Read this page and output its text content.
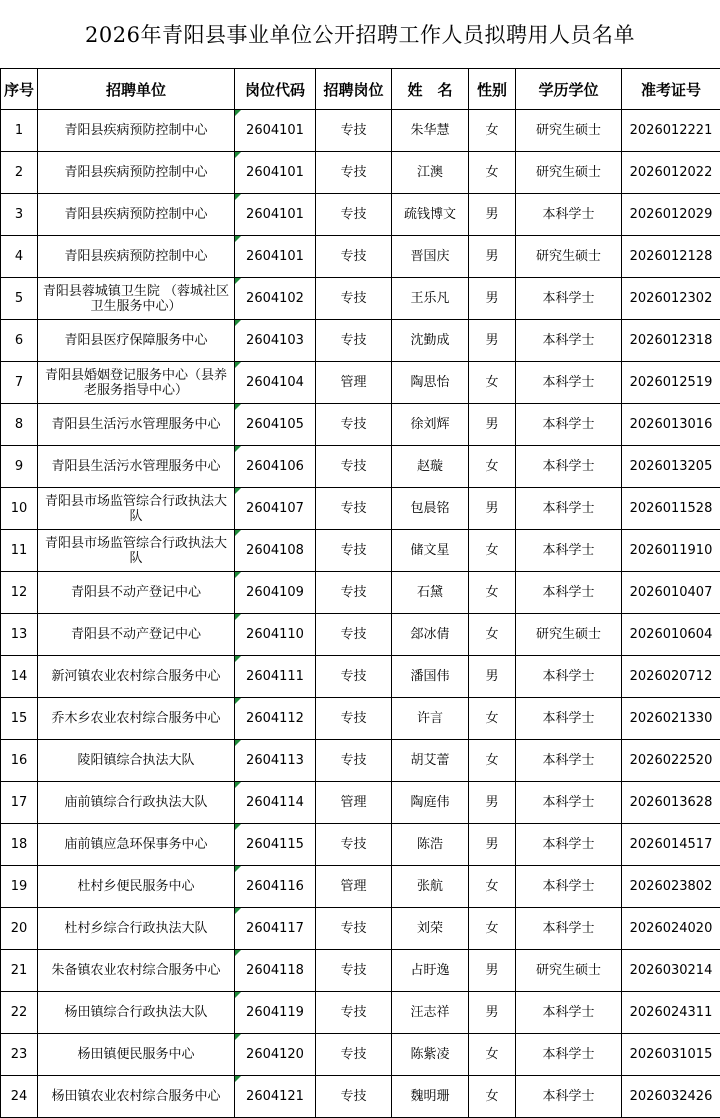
2026年青阳县事业单位公开招聘工作人员拟聘用人员名单
序号	招聘单位	岗位代码	招聘岗位	姓　名	性别	学历学位	准考证号
1	青阳县疾病预防控制中心	2604101	专技	朱华慧	女	研究生硕士	2026012221
2	青阳县疾病预防控制中心	2604101	专技	江澳	女	研究生硕士	2026012022
3	青阳县疾病预防控制中心	2604101	专技	疏钱博文	男	本科学士	2026012029
4	青阳县疾病预防控制中心	2604101	专技	晋国庆	男	研究生硕士	2026012128
5	青阳县蓉城镇卫生院 （蓉城社区卫生服务中心）	2604102	专技	王乐凡	男	本科学士	2026012302
6	青阳县医疗保障服务中心	2604103	专技	沈勤成	男	本科学士	2026012318
7	青阳县婚姻登记服务中心（县养老服务指导中心）	2604104	管理	陶思怡	女	本科学士	2026012519
8	青阳县生活污水管理服务中心	2604105	专技	徐刘辉	男	本科学士	2026013016
9	青阳县生活污水管理服务中心	2604106	专技	赵璇	女	本科学士	2026013205
10	青阳县市场监管综合行政执法大队	2604107	专技	包晨铭	男	本科学士	2026011528
11	青阳县市场监管综合行政执法大队	2604108	专技	储文星	女	本科学士	2026011910
12	青阳县不动产登记中心	2604109	专技	石黛	女	本科学士	2026010407
13	青阳县不动产登记中心	2604110	专技	郐冰倩	女	研究生硕士	2026010604
14	新河镇农业农村综合服务中心	2604111	专技	潘国伟	男	本科学士	2026020712
15	乔木乡农业农村综合服务中心	2604112	专技	许言	女	本科学士	2026021330
16	陵阳镇综合执法大队	2604113	专技	胡艾蕾	女	本科学士	2026022520
17	庙前镇综合行政执法大队	2604114	管理	陶庭伟	男	本科学士	2026013628
18	庙前镇应急环保事务中心	2604115	专技	陈浩	男	本科学士	2026014517
19	杜村乡便民服务中心	2604116	管理	张航	女	本科学士	2026023802
20	杜村乡综合行政执法大队	2604117	专技	刘荣	女	本科学士	2026024020
21	朱备镇农业农村综合服务中心	2604118	专技	占盱逸	男	研究生硕士	2026030214
22	杨田镇综合行政执法大队	2604119	专技	汪志祥	男	本科学士	2026024311
23	杨田镇便民服务中心	2604120	专技	陈紫凌	女	本科学士	2026031015
24	杨田镇农业农村综合服务中心	2604121	专技	魏明珊	女	本科学士	2026032426
